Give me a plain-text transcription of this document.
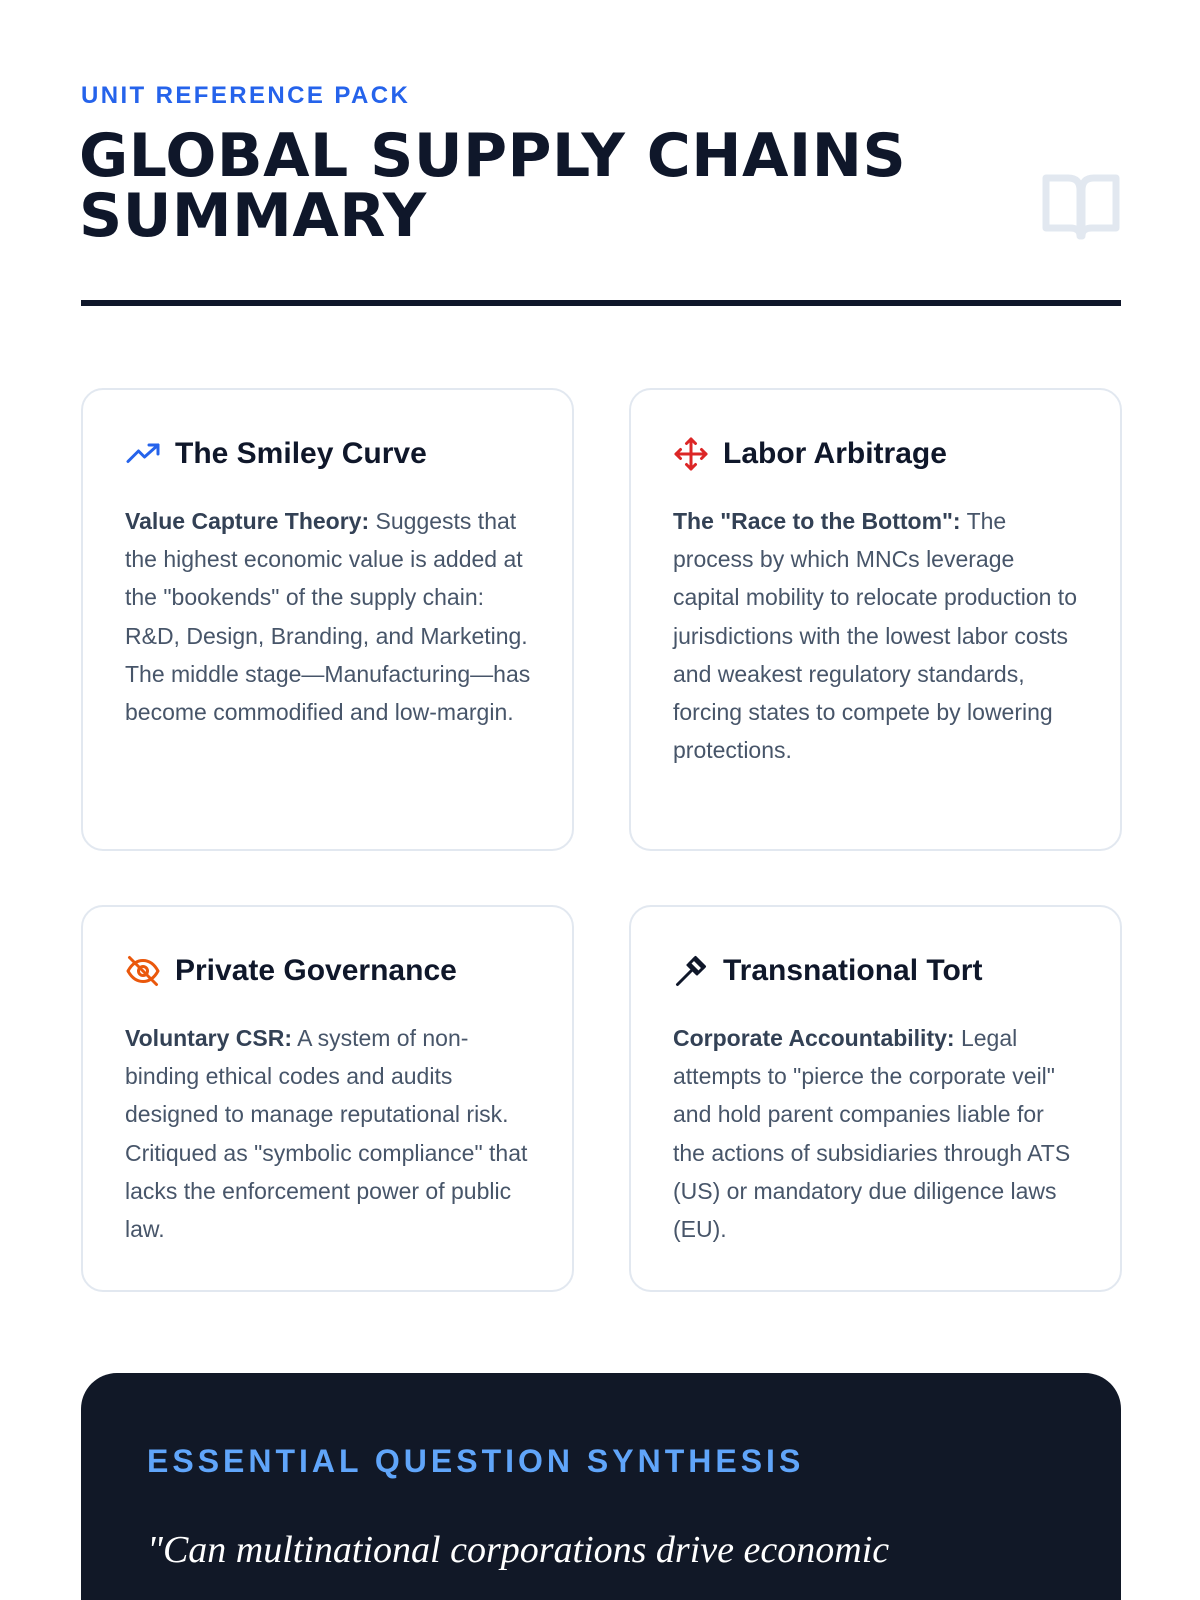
UNIT REFERENCE PACK
GLOBAL SUPPLY CHAINS
SUMMARY
The Smiley Curve

Value Capture Theory: Suggests that the highest economic value is added at the "bookends" of the supply chain: R&D, Design, Branding, and Marketing. The middle stage—Manufacturing—has become commodified and low-margin.

Labor Arbitrage

The "Race to the Bottom": The process by which MNCs leverage capital mobility to relocate production to jurisdictions with the lowest labor costs and weakest regulatory standards, forcing states to compete by lowering protections.

Private Governance

Voluntary CSR: A system of non-binding ethical codes and audits designed to manage reputational risk. Critiqued as "symbolic compliance" that lacks the enforcement power of public law.

Transnational Tort

Corporate Accountability: Legal attempts to "pierce the corporate veil" and hold parent companies liable for the actions of subsidiaries through ATS (US) or mandatory due diligence laws (EU).

ESSENTIAL QUESTION SYNTHESIS

"Can multinational corporations drive economic
